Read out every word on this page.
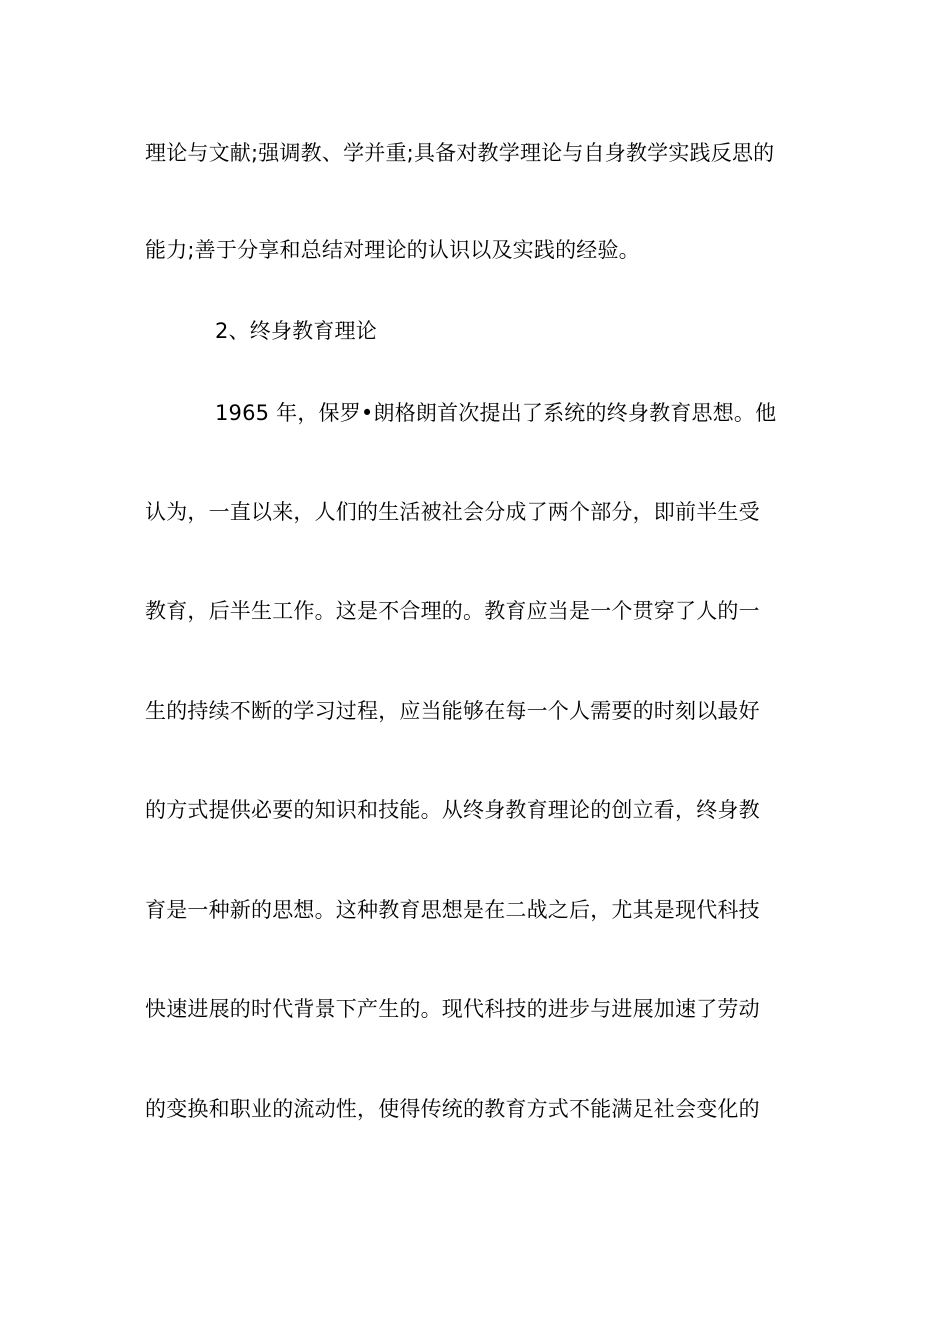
理论与文献;强调教、学并重;具备对教学理论与自身教学实践反思的
能力;善于分享和总结对理论的认识以及实践的经验。
2、终身教育理论
1965 年，保罗•朗格朗首次提出了系统的终身教育思想。他
认为，一直以来，人们的生活被社会分成了两个部分，即前半生受
教育，后半生工作。这是不合理的。教育应当是一个贯穿了人的一
生的持续不断的学习过程，应当能够在每一个人需要的时刻以最好
的方式提供必要的知识和技能。从终身教育理论的创立看，终身教
育是一种新的思想。这种教育思想是在二战之后，尤其是现代科技
快速进展的时代背景下产生的。现代科技的进步与进展加速了劳动
的变换和职业的流动性，使得传统的教育方式不能满足社会变化的
